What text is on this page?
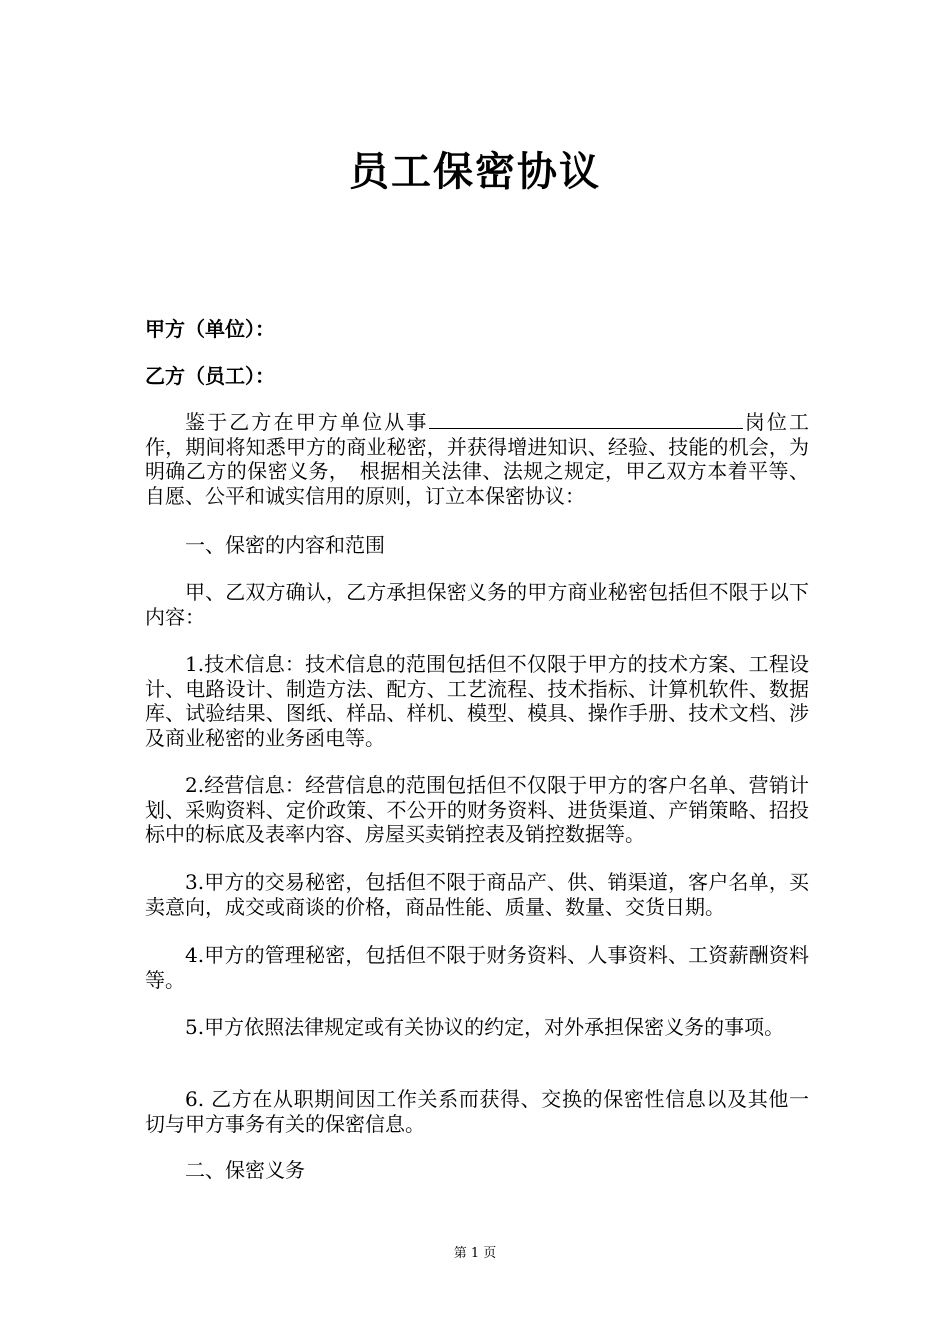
员工保密协议
甲方（单位）：
乙方（员工）：

鉴于乙方在甲方单位从事	岗位工作，期间将知悉甲方的商业秘密，并获得增进知识、经验、技能的机会，为明确乙方的保密义务，　根据相关法律、法规之规定，甲乙双方本着平等、自愿、公平和诚实信用的原则，订立本保密协议：

一、保密的内容和范围

甲、乙双方确认，乙方承担保密义务的甲方商业秘密包括但不限于以下内容：

1.技术信息：技术信息的范围包括但不仅限于甲方的技术方案、工程设计、电路设计、制造方法、配方、工艺流程、技术指标、计算机软件、数据库、试验结果、图纸、样品、样机、模型、模具、操作手册、技术文档、涉及商业秘密的业务函电等。

2.经营信息：经营信息的范围包括但不仅限于甲方的客户名单、营销计划、采购资料、定价政策、不公开的财务资料、进货渠道、产销策略、招投标中的标底及表率内容、房屋买卖销控表及销控数据等。

3.甲方的交易秘密，包括但不限于商品产、供、销渠道，客户名单，买卖意向，成交或商谈的价格，商品性能、质量、数量、交货日期。

4.甲方的管理秘密，包括但不限于财务资料、人事资料、工资薪酬资料等。

5.甲方依照法律规定或有关协议的约定，对外承担保密义务的事项。

6. 乙方在从职期间因工作关系而获得、交换的保密性信息以及其他一切与甲方事务有关的保密信息。

二、保密义务

第 1 页
